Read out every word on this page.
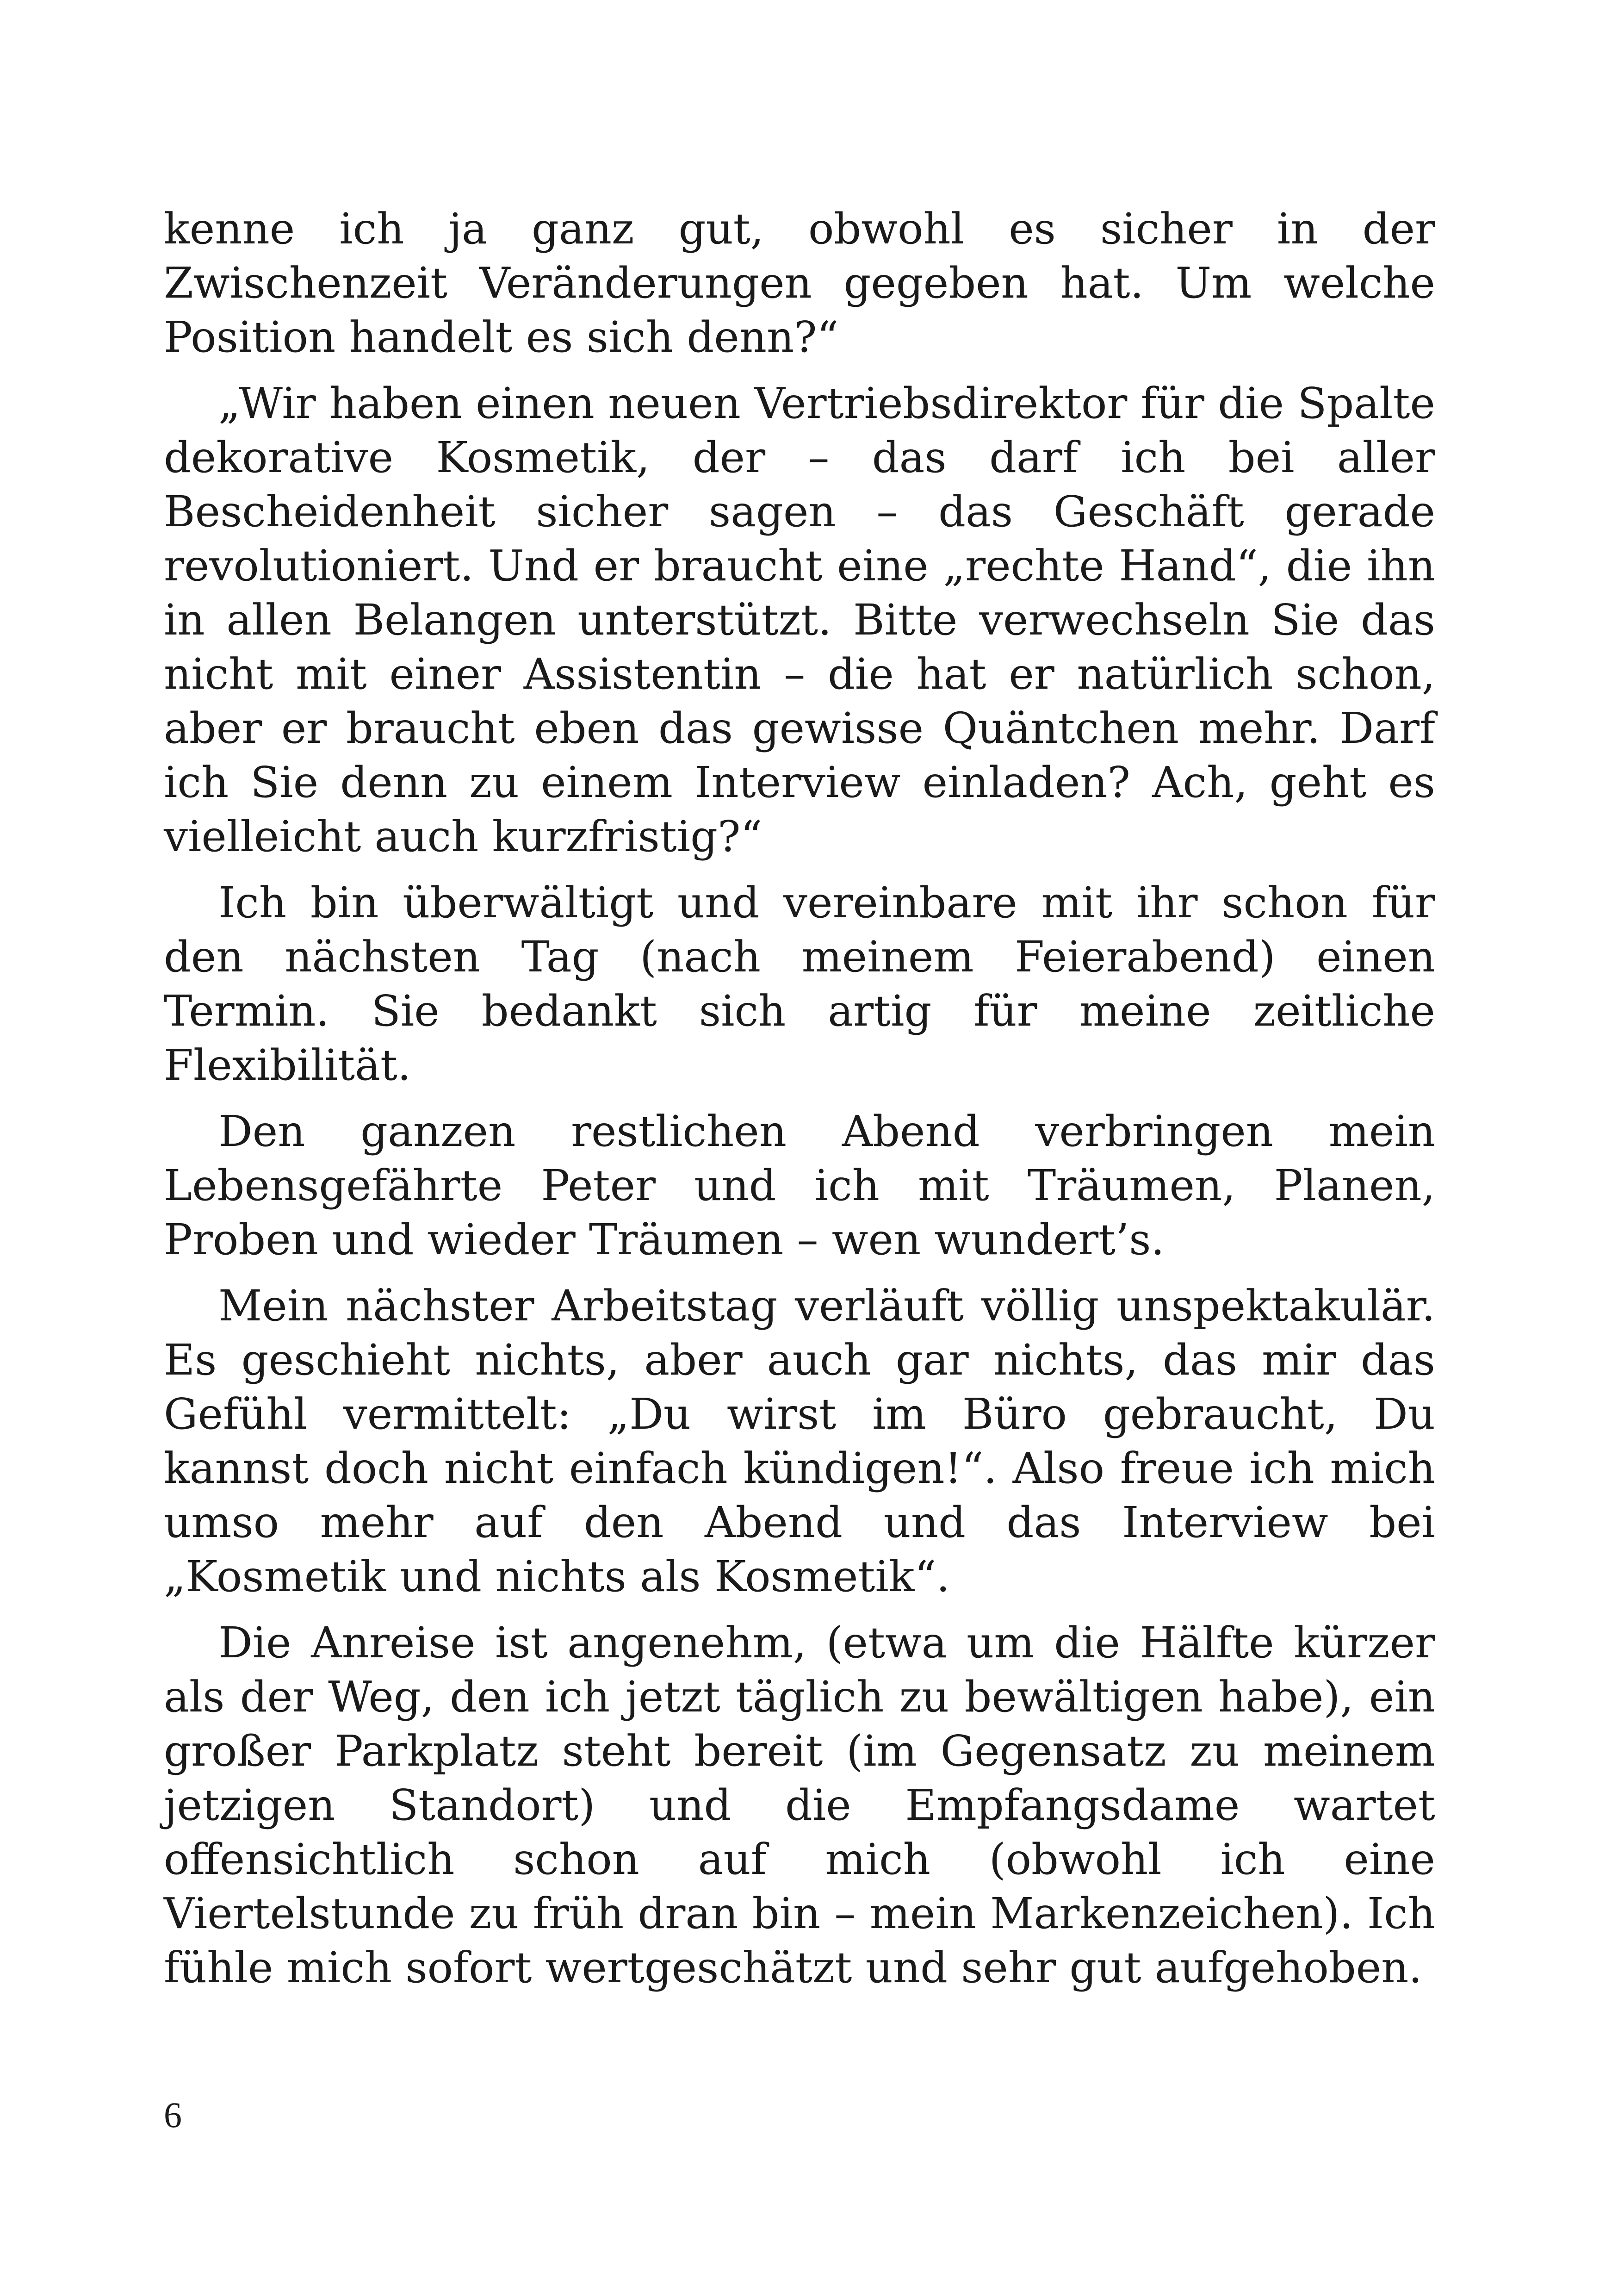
kenne ich ja ganz gut, obwohl es sicher in der Zwischenzeit Veränderungen gegeben hat. Um welche Position handelt es sich denn?“

„Wir haben einen neuen Vertriebsdirektor für die Spalte dekorative Kosmetik, der – das darf ich bei aller Bescheidenheit sicher sagen – das Geschäft gerade revolutioniert. Und er braucht eine „rechte Hand“, die ihn in allen Belangen unterstützt. Bitte verwechseln Sie das nicht mit einer Assistentin – die hat er natürlich schon, aber er braucht eben das gewisse Quäntchen mehr. Darf ich Sie denn zu einem Interview einladen? Ach, geht es vielleicht auch kurzfristig?“

Ich bin überwältigt und vereinbare mit ihr schon für den nächsten Tag (nach meinem Feierabend) einen Termin. Sie bedankt sich artig für meine zeitliche Flexibilität.

Den ganzen restlichen Abend verbringen mein Lebensgefährte Peter und ich mit Träumen, Planen, Proben und wieder Träumen – wen wundert’s.

Mein nächster Arbeitstag verläuft völlig unspektakulär. Es geschieht nichts, aber auch gar nichts, das mir das Gefühl vermittelt: „Du wirst im Büro gebraucht, Du kannst doch nicht einfach kündigen!“. Also freue ich mich umso mehr auf den Abend und das Interview bei „Kosmetik und nichts als Kosmetik“.

Die Anreise ist angenehm, (etwa um die Hälfte kürzer als der Weg, den ich jetzt täglich zu bewältigen habe), ein großer Parkplatz steht bereit (im Gegensatz zu meinem jetzigen Standort) und die Empfangsdame wartet offensichtlich schon auf mich (obwohl ich eine Viertelstunde zu früh dran bin – mein Markenzeichen). Ich fühle mich sofort wertgeschätzt und sehr gut aufgehoben.

6
